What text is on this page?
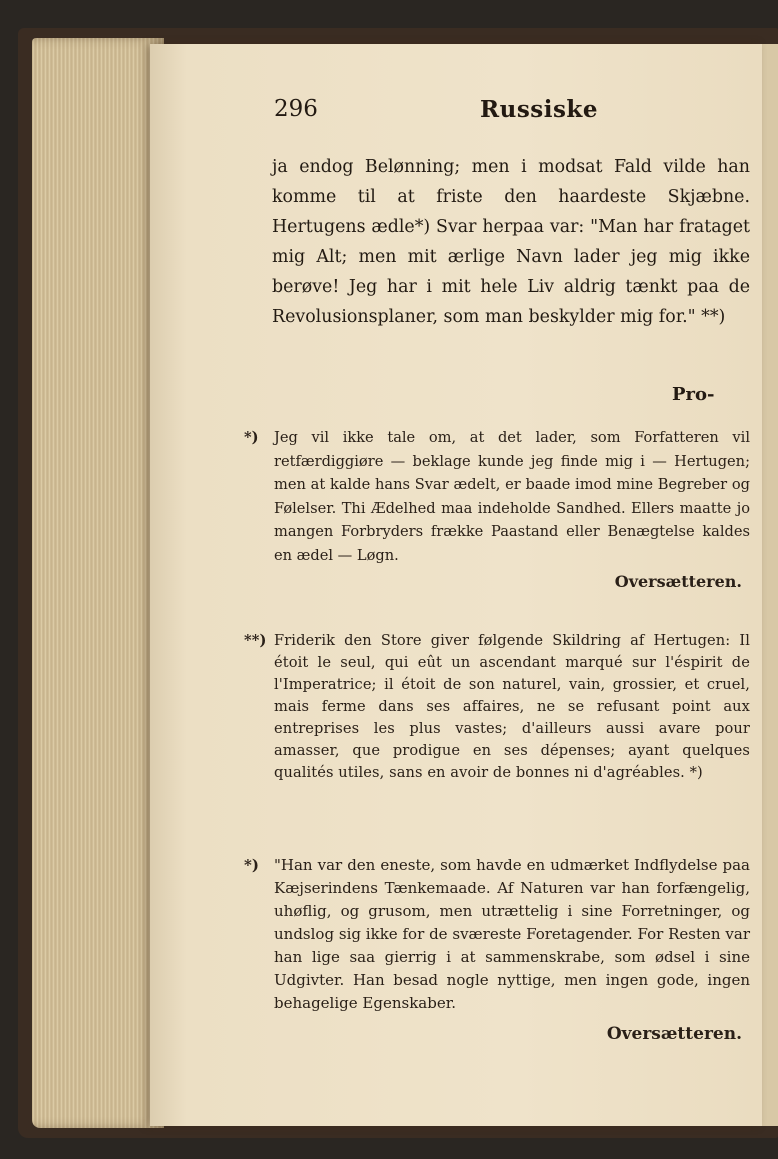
296	Russiske

ja endog Belønning; men i modsat Fald vilde han komme til at friste den haardeste Skjæbne. Hertugens ædle*) Svar herpaa var: "Man har frataget mig Alt; men mit ærlige Navn lader jeg mig ikke berøve! Jeg har i mit hele Liv aldrig tænkt paa de Revolusionsplaner, som man beskylder mig for." **)

Pro-
*) Jeg vil ikke tale om, at det lader, som Forfatteren vil retfærdiggiøre — beklage kunde jeg finde mig i — Hertugen; men at kalde hans Svar ædelt, er baade imod mine Begreber og Følelser. Thi Ædelhed maa indeholde Sandhed. Ellers maatte jo mangen Forbryders frække Paastand eller Benægtelse kaldes en ædel — Løgn.

Oversætteren.
**) Friderik den Store giver følgende Skildring af Hertugen: Il étoit le seul, qui eût un ascendant marqué sur l'éspirit de l'Imperatrice; il étoit de son naturel, vain, grossier, et cruel, mais ferme dans ses affaires, ne se refusant point aux entreprises les plus vastes; d'ailleurs aussi avare pour amasser, que prodigue en ses dépenses; ayant quelques qualités utiles, sans en avoir de bonnes ni d'agréables. *)

*) "Han var den eneste, som havde en udmærket Indflydelse paa Kæjserindens Tænkemaade. Af Naturen var han forfængelig, uhøflig, og grusom, men utrættelig i sine Forretninger, og undslog sig ikke for de sværeste Foretagender. For Resten var han lige saa gierrig i at sammenskrabe, som ødsel i sine Udgivter. Han besad nogle nyttige, men ingen gode, ingen behagelige Egenskaber.

Oversætteren.
